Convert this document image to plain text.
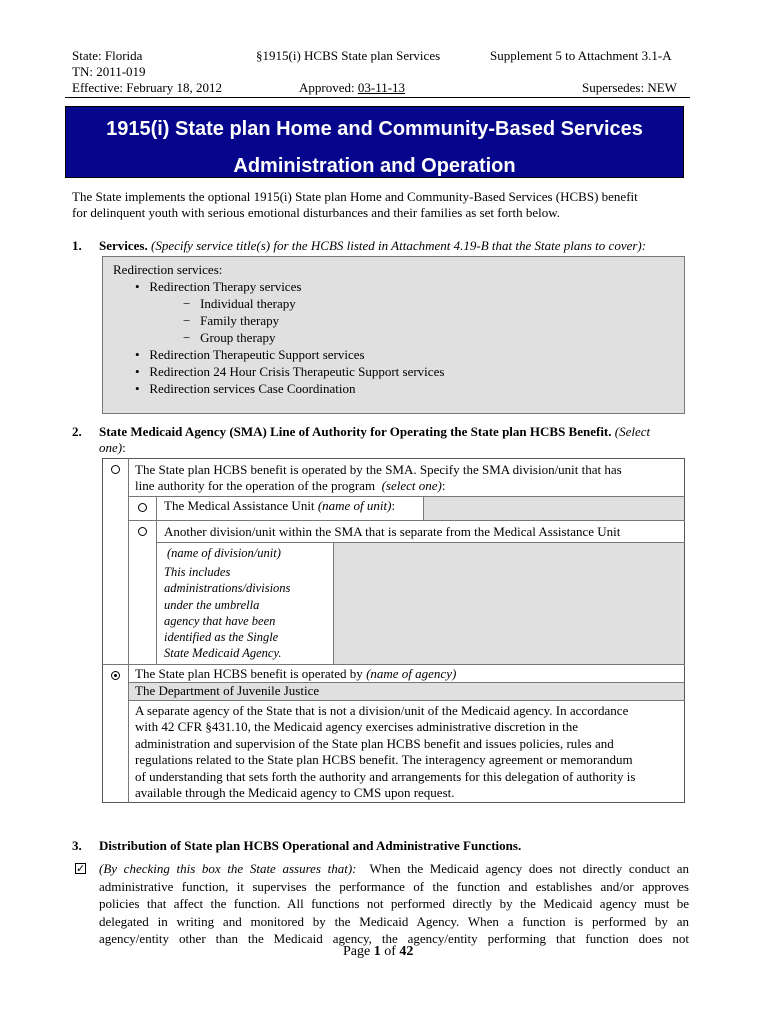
State: Florida	§1915(i) HCBS State plan Services	Supplement 5 to Attachment 3.1-A
TN: 2011-019
Effective: February 18, 2012	Approved: 03-11-13	Supersedes: NEW
1915(i) State plan Home and Community-Based Services
Administration and Operation
The State implements the optional 1915(i) State plan Home and Community-Based Services (HCBS) benefit
for delinquent youth with serious emotional disturbances and their families as set forth below.
1. Services. (Specify service title(s) for the HCBS listed in Attachment 4.19-B that the State plans to cover):
Redirection services:
•   Redirection Therapy services
−   Individual therapy
−   Family therapy
−   Group therapy
•   Redirection Therapeutic Support services
•   Redirection 24 Hour Crisis Therapeutic Support services
•   Redirection services Case Coordination
2. State Medicaid Agency (SMA) Line of Authority for Operating the State plan HCBS Benefit. (Select
one):
The State plan HCBS benefit is operated by the SMA. Specify the SMA division/unit that has
line authority for the operation of the program (select one):
The Medical Assistance Unit (name of unit):
Another division/unit within the SMA that is separate from the Medical Assistance Unit
(name of division/unit)
This includes
administrations/divisions
under the umbrella
agency that have been
identified as the Single
State Medicaid Agency.
The State plan HCBS benefit is operated by (name of agency)
The Department of Juvenile Justice
A separate agency of the State that is not a division/unit of the Medicaid agency. In accordance
with 42 CFR §431.10, the Medicaid agency exercises administrative discretion in the
administration and supervision of the State plan HCBS benefit and issues policies, rules and
regulations related to the State plan HCBS benefit. The interagency agreement or memorandum
of understanding that sets forth the authority and arrangements for this delegation of authority is
available through the Medicaid agency to CMS upon request.
3. Distribution of State plan HCBS Operational and Administrative Functions.
✓ (By checking this box the State assures that): When the Medicaid agency does not directly conduct an
administrative function, it supervises the performance of the function and establishes and/or approves
policies that affect the function. All functions not performed directly by the Medicaid agency must be
delegated in writing and monitored by the Medicaid Agency. When a function is performed by an
agency/entity other than the Medicaid agency, the agency/entity performing that function does not
Page 1 of 42
